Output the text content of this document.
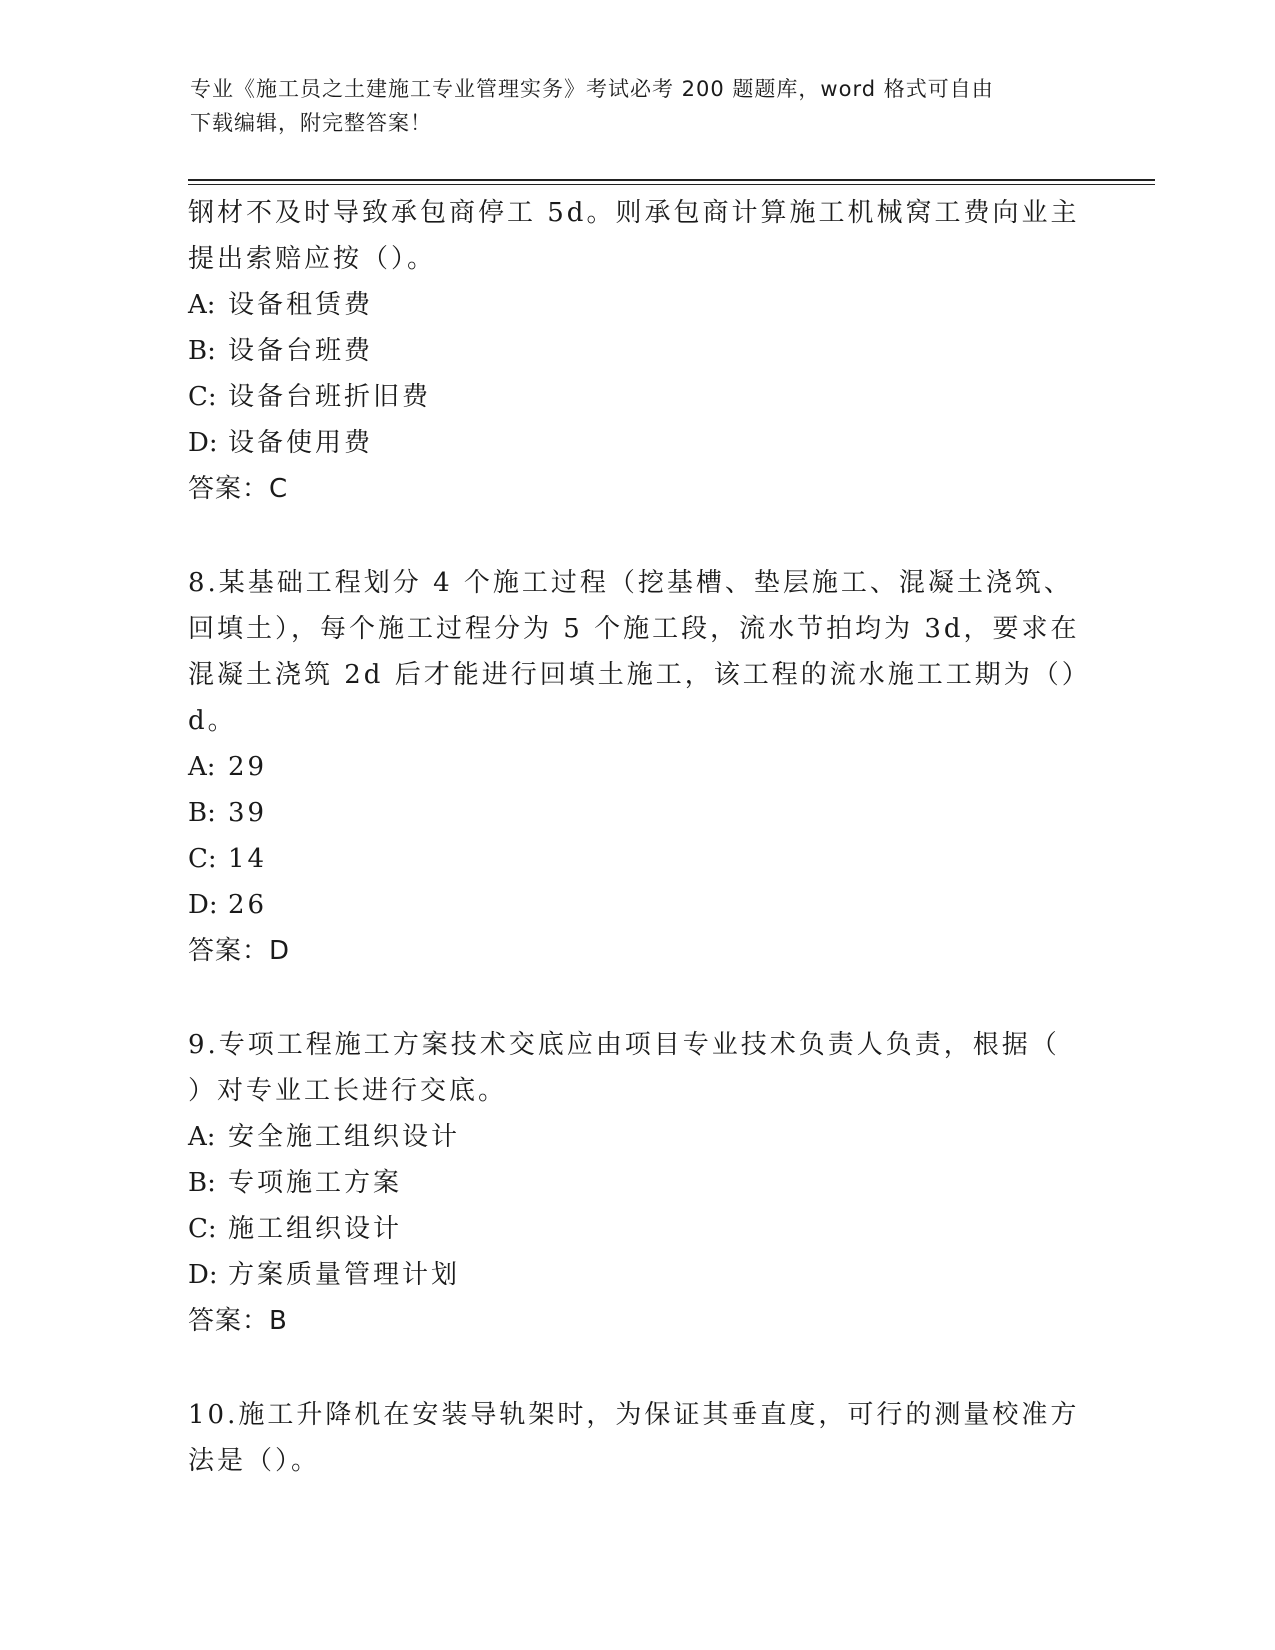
专业《施工员之土建施工专业管理实务》考试必考 200 题题库，word 格式可自由
下载编辑，附完整答案！
钢材不及时导致承包商停工 5d。则承包商计算施工机械窝工费向业主
提出索赔应按（）。
A: 设备租赁费
B: 设备台班费
C: 设备台班折旧费
D: 设备使用费
答案：C
8.某基础工程划分 4 个施工过程（挖基槽、垫层施工、混凝土浇筑、
回填土），每个施工过程分为 5 个施工段，流水节拍均为 3d，要求在
混凝土浇筑 2d 后才能进行回填土施工，该工程的流水施工工期为（）
d。
A: 29
B: 39
C: 14
D: 26
答案：D
9.专项工程施工方案技术交底应由项目专业技术负责人负责，根据（
）对专业工长进行交底。
A: 安全施工组织设计
B: 专项施工方案
C: 施工组织设计
D: 方案质量管理计划
答案：B
10.施工升降机在安装导轨架时，为保证其垂直度，可行的测量校准方
法是（）。
